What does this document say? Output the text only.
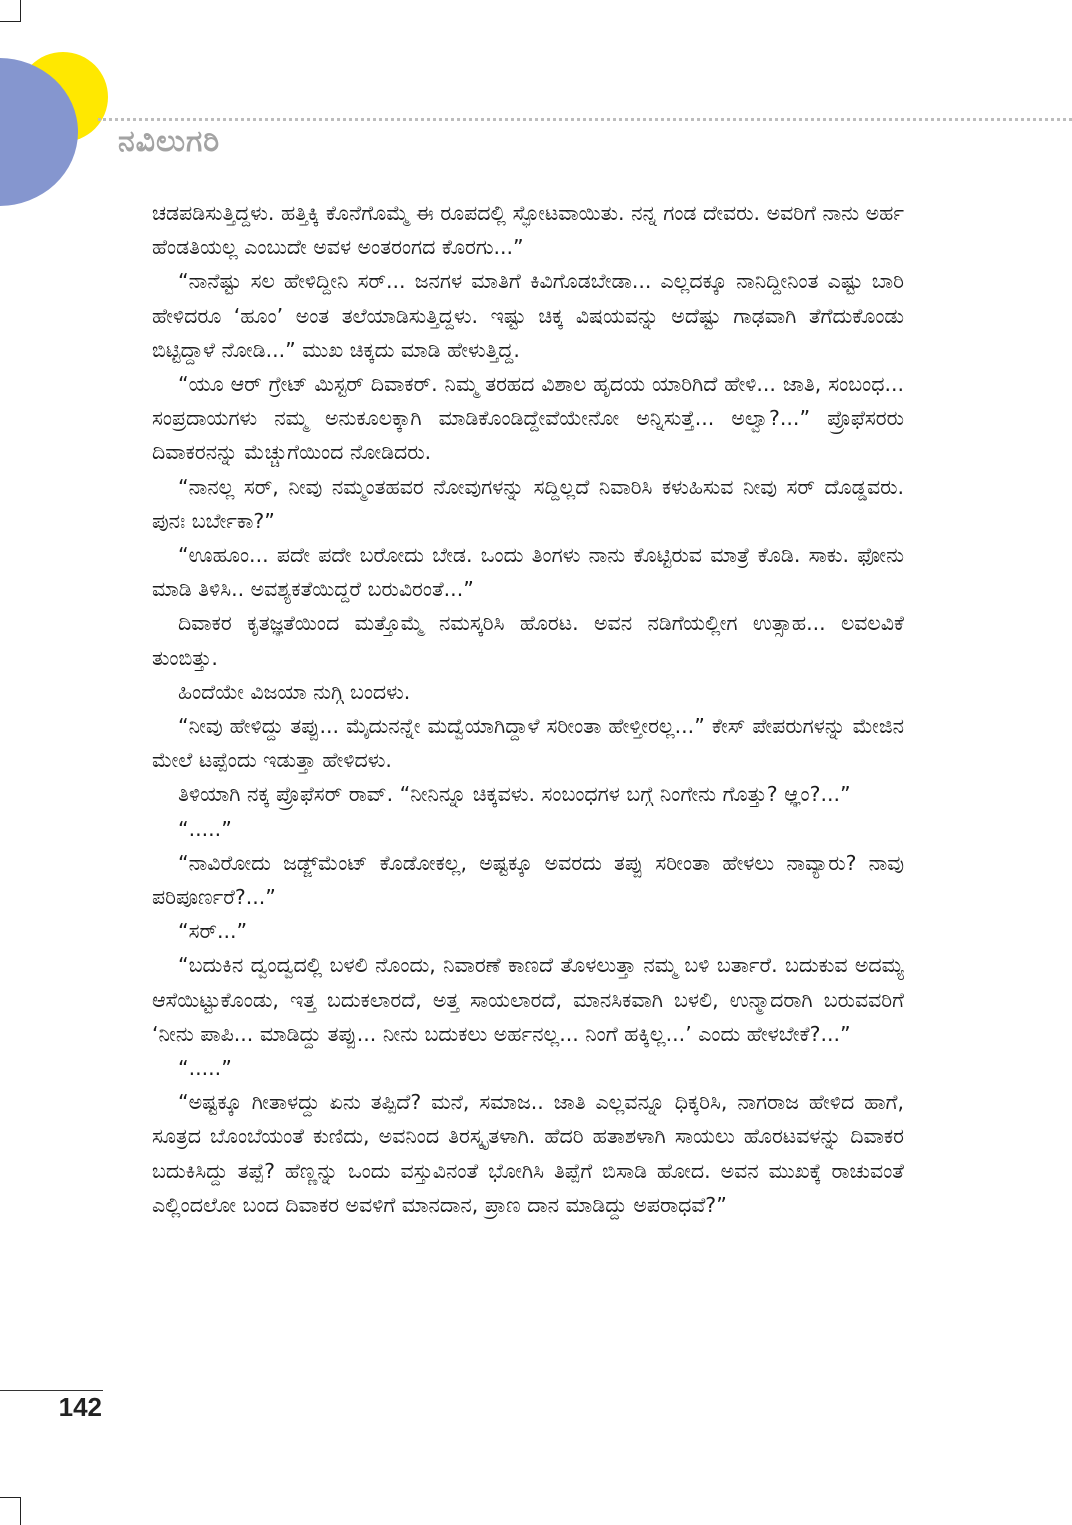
ನವಿಲುಗರಿ

ಚಡಪಡಿಸುತ್ತಿದ್ದಳು. ಹತ್ತಿಕ್ಕಿ ಕೊನೆಗೊಮ್ಮೆ ಈ ರೂಪದಲ್ಲಿ ಸ್ಫೋಟವಾಯಿತು. ನನ್ನ ಗಂಡ ದೇವರು. ಅವರಿಗೆ ನಾನು ಅರ್ಹ ಹೆಂಡತಿಯಲ್ಲ ಎಂಬುದೇ ಅವಳ ಅಂತರಂಗದ ಕೊರಗು...”

“ನಾನೆಷ್ಟು ಸಲ ಹೇಳಿದ್ದೀನಿ ಸರ್... ಜನಗಳ ಮಾತಿಗೆ ಕಿವಿಗೊಡಬೇಡಾ... ಎಲ್ಲದಕ್ಕೂ ನಾನಿದ್ದೀನಿಂತ ಎಷ್ಟು ಬಾರಿ ಹೇಳಿದರೂ ‘ಹೂಂ’ ಅಂತ ತಲೆಯಾಡಿಸುತ್ತಿದ್ದಳು. ಇಷ್ಟು ಚಿಕ್ಕ ವಿಷಯವನ್ನು ಅದೆಷ್ಟು ಗಾಢವಾಗಿ ತೆಗೆದುಕೊಂಡು ಬಿಟ್ಟಿದ್ದಾಳೆ ನೋಡಿ...” ಮುಖ ಚಿಕ್ಕದು ಮಾಡಿ ಹೇಳುತ್ತಿದ್ದ.

“ಯೂ ಆರ್ ಗ್ರೇಟ್ ಮಿಸ್ಟರ್ ದಿವಾಕರ್. ನಿಮ್ಮ ತರಹದ ವಿಶಾಲ ಹೃದಯ ಯಾರಿಗಿದೆ ಹೇಳಿ... ಜಾತಿ, ಸಂಬಂಧ... ಸಂಪ್ರದಾಯಗಳು ನಮ್ಮ ಅನುಕೂಲಕ್ಕಾಗಿ ಮಾಡಿಕೊಂಡಿದ್ದೇವೆಯೇನೋ ಅನ್ನಿಸುತ್ತೆ... ಅಲ್ವಾ?...” ಪ್ರೊಫೆಸರರು ದಿವಾಕರನನ್ನು ಮೆಚ್ಚುಗೆಯಿಂದ ನೋಡಿದರು.

“ನಾನಲ್ಲ ಸರ್, ನೀವು ನಮ್ಮಂತಹವರ ನೋವುಗಳನ್ನು ಸದ್ದಿಲ್ಲದೆ ನಿವಾರಿಸಿ ಕಳುಹಿಸುವ ನೀವು ಸರ್ ದೊಡ್ಡವರು. ಪುನಃ ಬರ್ಬೇಕಾ?”

“ಊಹೂಂ... ಪದೇ ಪದೇ ಬರೋದು ಬೇಡ. ಒಂದು ತಿಂಗಳು ನಾನು ಕೊಟ್ಟಿರುವ ಮಾತ್ರೆ ಕೊಡಿ. ಸಾಕು. ಫೋನು ಮಾಡಿ ತಿಳಿಸಿ.. ಅವಶ್ಯಕತೆಯಿದ್ದರೆ ಬರುವಿರಂತೆ...”

ದಿವಾಕರ ಕೃತಜ್ಞತೆಯಿಂದ ಮತ್ತೊಮ್ಮೆ ನಮಸ್ಕರಿಸಿ ಹೊರಟ. ಅವನ ನಡಿಗೆಯಲ್ಲೀಗ ಉತ್ಸಾಹ... ಲವಲವಿಕೆ ತುಂಬಿತ್ತು.

ಹಿಂದೆಯೇ ವಿಜಯಾ ನುಗ್ಗಿ ಬಂದಳು.

“ನೀವು ಹೇಳಿದ್ದು ತಪ್ಪು... ಮೈದುನನ್ನೇ ಮದ್ವೆಯಾಗಿದ್ದಾಳೆ ಸರೀಂತಾ ಹೇಳ್ತೀರಲ್ಲ...” ಕೇಸ್ ಪೇಪರುಗಳನ್ನು ಮೇಜಿನ ಮೇಲೆ ಟಪ್ಪೆಂದು ಇಡುತ್ತಾ ಹೇಳಿದಳು.

ತಿಳಿಯಾಗಿ ನಕ್ಕ ಪ್ರೊಫೆಸರ್ ರಾವ್. “ನೀನಿನ್ನೂ ಚಿಕ್ಕವಳು. ಸಂಬಂಧಗಳ ಬಗ್ಗೆ ನಿಂಗೇನು ಗೊತ್ತು? ಆ್ಞಂ?...”

“.....”

“ನಾವಿರೋದು ಜಡ್ಜ್‌ಮೆಂಟ್ ಕೊಡೋಕಲ್ಲ, ಅಷ್ಟಕ್ಕೂ ಅವರದು ತಪ್ಪು ಸರೀಂತಾ ಹೇಳಲು ನಾವ್ಯಾರು? ನಾವು ಪರಿಪೂರ್ಣರೆ?...”

“ಸರ್...”

“ಬದುಕಿನ ದ್ವಂದ್ವದಲ್ಲಿ ಬಳಲಿ ನೊಂದು, ನಿವಾರಣೆ ಕಾಣದೆ ತೊಳಲುತ್ತಾ ನಮ್ಮ ಬಳಿ ಬರ್ತಾರೆ. ಬದುಕುವ ಅದಮ್ಯ ಆಸೆಯಿಟ್ಟುಕೊಂಡು, ಇತ್ತ ಬದುಕಲಾರದೆ, ಅತ್ತ ಸಾಯಲಾರದೆ, ಮಾನಸಿಕವಾಗಿ ಬಳಲಿ, ಉನ್ಮಾದರಾಗಿ ಬರುವವರಿಗೆ ‘ನೀನು ಪಾಪಿ... ಮಾಡಿದ್ದು ತಪ್ಪು... ನೀನು ಬದುಕಲು ಅರ್ಹನಲ್ಲ... ನಿಂಗೆ ಹಕ್ಕಿಲ್ಲ...’ ಎಂದು ಹೇಳಬೇಕೆ?...”

“.....”

“ಅಷ್ಟಕ್ಕೂ ಗೀತಾಳದ್ದು ಏನು ತಪ್ಪಿದೆ? ಮನೆ, ಸಮಾಜ.. ಜಾತಿ ಎಲ್ಲವನ್ನೂ ಧಿಕ್ಕರಿಸಿ, ನಾಗರಾಜ ಹೇಳಿದ ಹಾಗೆ, ಸೂತ್ರದ ಬೊಂಬೆಯಂತೆ ಕುಣಿದು, ಅವನಿಂದ ತಿರಸ್ಕೃತಳಾಗಿ. ಹೆದರಿ ಹತಾಶಳಾಗಿ ಸಾಯಲು ಹೊರಟವಳನ್ನು ದಿವಾಕರ ಬದುಕಿಸಿದ್ದು ತಪ್ಪೆ? ಹೆಣ್ಣನ್ನು ಒಂದು ವಸ್ತುವಿನಂತೆ ಭೋಗಿಸಿ ತಿಪ್ಪೆಗೆ ಬಿಸಾಡಿ ಹೋದ. ಅವನ ಮುಖಕ್ಕೆ ರಾಚುವಂತೆ ಎಲ್ಲಿಂದಲೋ ಬಂದ ದಿವಾಕರ ಅವಳಿಗೆ ಮಾನದಾನ, ಪ್ರಾಣ ದಾನ ಮಾಡಿದ್ದು ಅಪರಾಧವೆ?”

142
